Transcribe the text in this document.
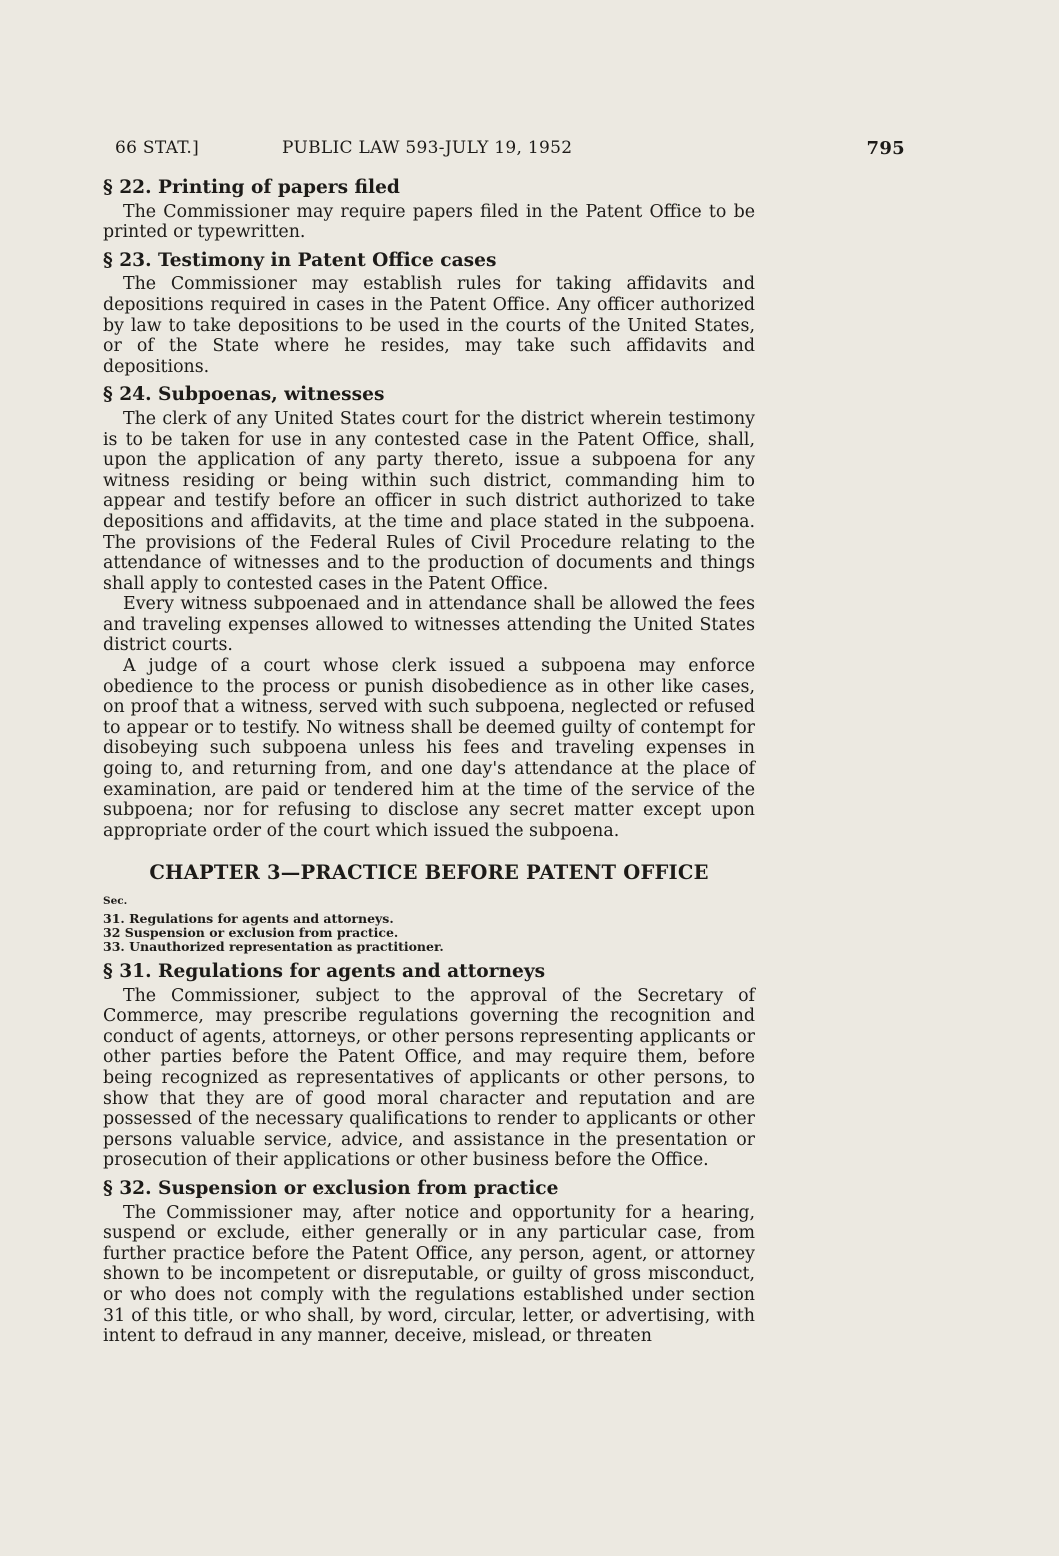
66 STAT.]	PUBLIC LAW 593-JULY 19, 1952	795
§ 22. Printing of papers filed

The Commissioner may require papers filed in the Patent Office to be printed or typewritten.

§ 23. Testimony in Patent Office cases

The Commissioner may establish rules for taking affidavits and depositions required in cases in the Patent Office. Any officer authorized by law to take depositions to be used in the courts of the United States, or of the State where he resides, may take such affidavits and depositions.

§ 24. Subpoenas, witnesses

The clerk of any United States court for the district wherein testimony is to be taken for use in any contested case in the Patent Office, shall, upon the application of any party thereto, issue a subpoena for any witness residing or being within such district, commanding him to appear and testify before an officer in such district authorized to take depositions and affidavits, at the time and place stated in the subpoena. The provisions of the Federal Rules of Civil Procedure relating to the attendance of witnesses and to the production of documents and things shall apply to contested cases in the Patent Office.

Every witness subpoenaed and in attendance shall be allowed the fees and traveling expenses allowed to witnesses attending the United States district courts.

A judge of a court whose clerk issued a subpoena may enforce obedience to the process or punish disobedience as in other like cases, on proof that a witness, served with such subpoena, neglected or refused to appear or to testify. No witness shall be deemed guilty of contempt for disobeying such subpoena unless his fees and traveling expenses in going to, and returning from, and one day's attendance at the place of examination, are paid or tendered him at the time of the service of the subpoena; nor for refusing to disclose any secret matter except upon appropriate order of the court which issued the subpoena.

CHAPTER 3—PRACTICE BEFORE PATENT OFFICE
Sec.

31. Regulations for agents and attorneys.

32 Suspension or exclusion from practice.

33. Unauthorized representation as practitioner.

§ 31. Regulations for agents and attorneys

The Commissioner, subject to the approval of the Secretary of Commerce, may prescribe regulations governing the recognition and conduct of agents, attorneys, or other persons representing applicants or other parties before the Patent Office, and may require them, before being recognized as representatives of applicants or other persons, to show that they are of good moral character and reputation and are possessed of the necessary qualifications to render to applicants or other persons valuable service, advice, and assistance in the presentation or prosecution of their applications or other business before the Office.

§ 32. Suspension or exclusion from practice

The Commissioner may, after notice and opportunity for a hearing, suspend or exclude, either generally or in any particular case, from further practice before the Patent Office, any person, agent, or attorney shown to be incompetent or disreputable, or guilty of gross misconduct, or who does not comply with the regulations established under section 31 of this title, or who shall, by word, circular, letter, or advertising, with intent to defraud in any manner, deceive, mislead, or threaten
